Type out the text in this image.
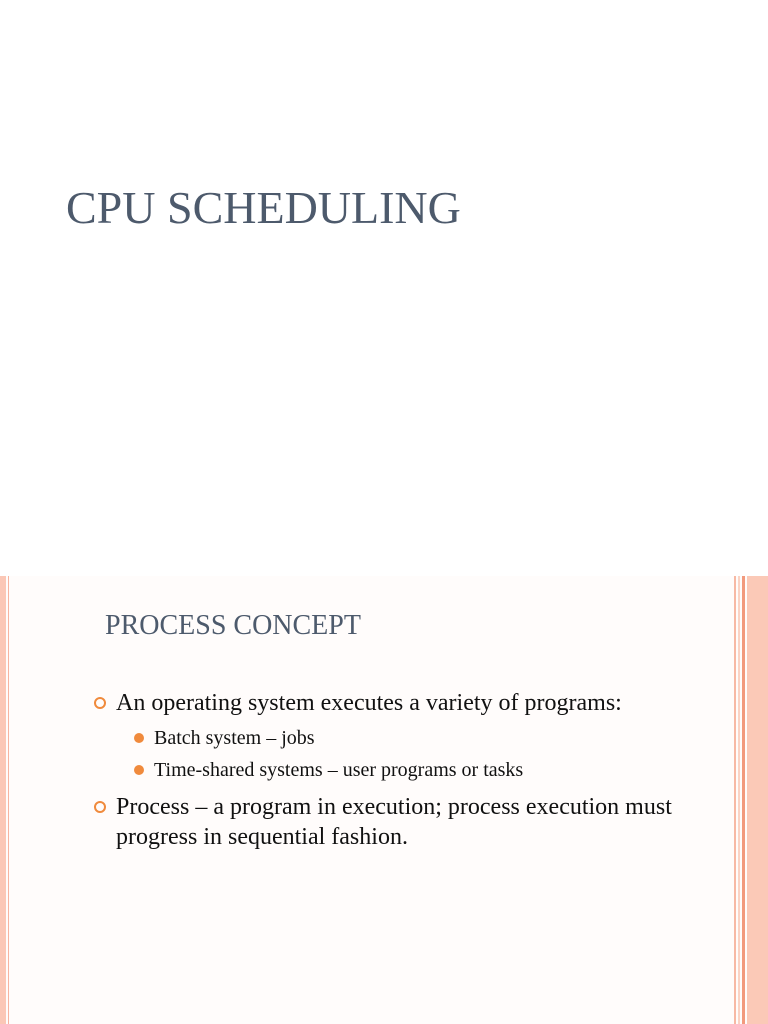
CPU SCHEDULING
PROCESS CONCEPT
An operating system executes a variety of programs:
Batch system – jobs
Time-shared systems – user programs or tasks
Process – a program in execution; process execution must progress in sequential fashion.
